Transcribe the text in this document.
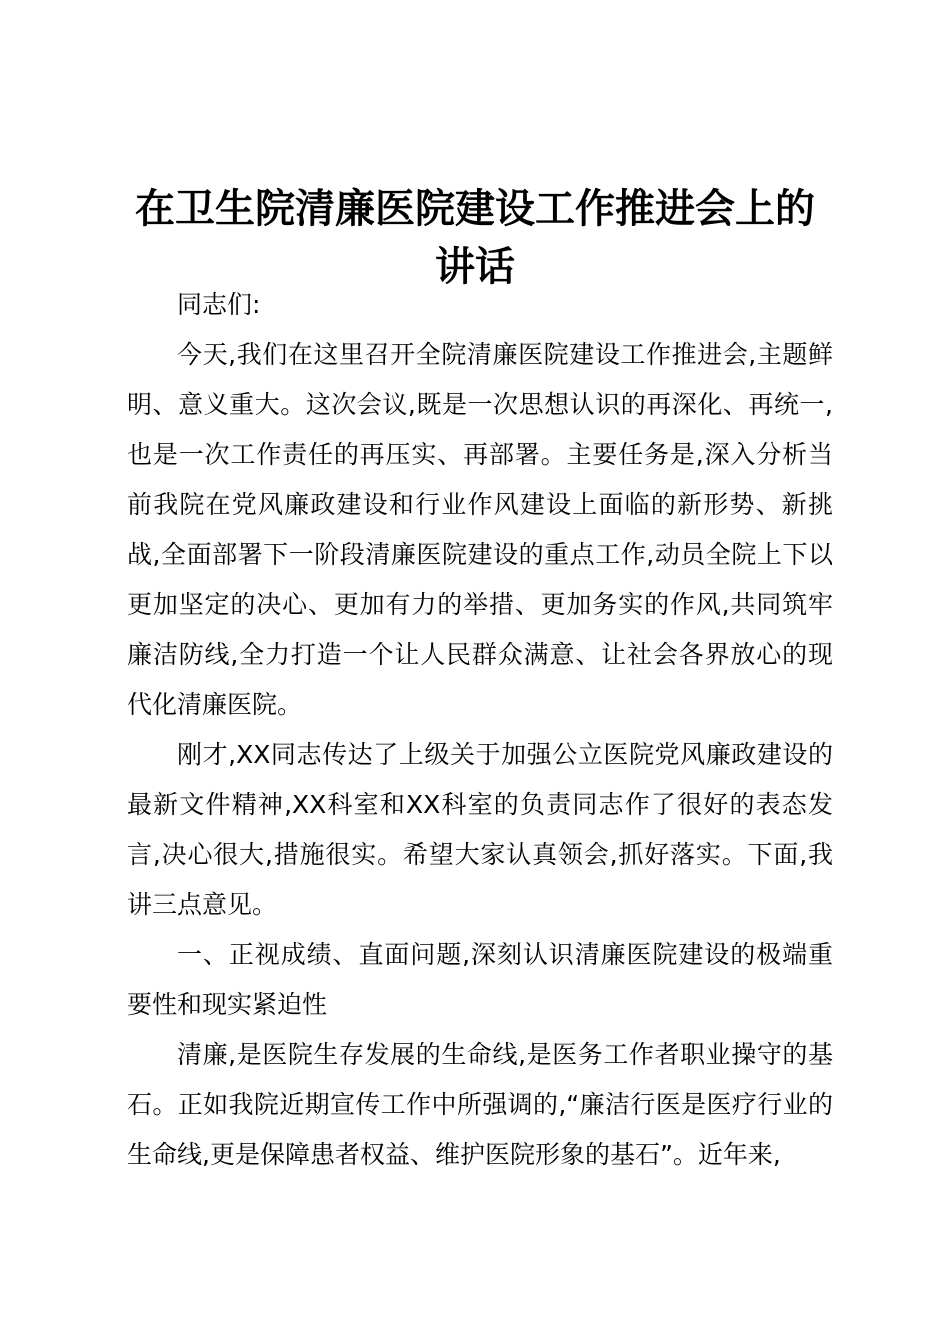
在卫生院清廉医院建设工作推进会上的讲话

同志们:

今天,我们在这里召开全院清廉医院建设工作推进会,主题鲜明、意义重大。这次会议,既是一次思想认识的再深化、再统一,也是一次工作责任的再压实、再部署。主要任务是,深入分析当前我院在党风廉政建设和行业作风建设上面临的新形势、新挑战,全面部署下一阶段清廉医院建设的重点工作,动员全院上下以更加坚定的决心、更加有力的举措、更加务实的作风,共同筑牢廉洁防线,全力打造一个让人民群众满意、让社会各界放心的现代化清廉医院。

刚才,XX同志传达了上级关于加强公立医院党风廉政建设的最新文件精神,XX科室和XX科室的负责同志作了很好的表态发言,决心很大,措施很实。希望大家认真领会,抓好落实。下面,我讲三点意见。

一、正视成绩、直面问题,深刻认识清廉医院建设的极端重要性和现实紧迫性

清廉,是医院生存发展的生命线,是医务工作者职业操守的基石。正如我院近期宣传工作中所强调的,“廉洁行医是医疗行业的生命线,更是保障患者权益、维护医院形象的基石”。近年来,
